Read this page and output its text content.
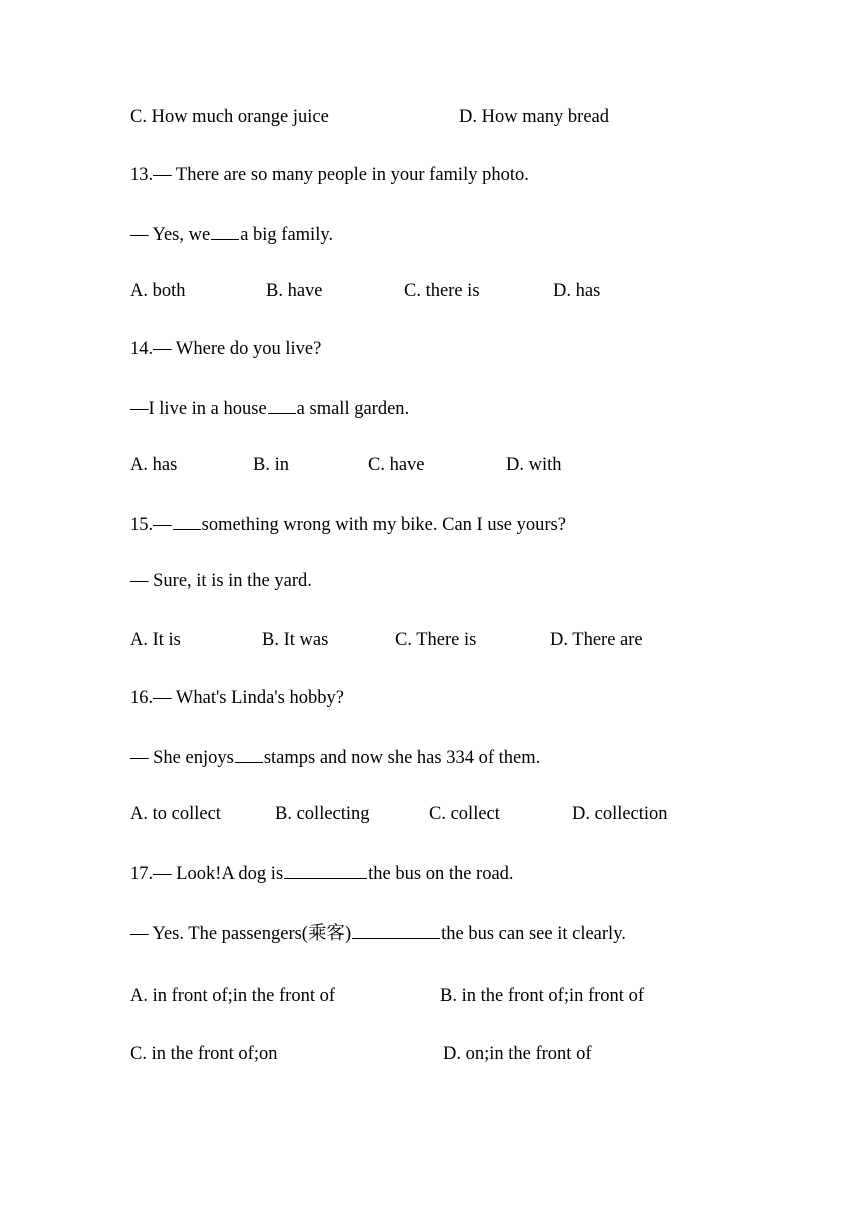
C. How much orange juice	D. How many bread
13.— There are so many people in your family photo.
— Yes, we a big family.
A. both	B. have	C. there is	D. has
14.— Where do you live?
—I live in a house a small garden.
A. has	B. in	C. have	D. with
15.— something wrong with my bike. Can I use yours?
— Sure, it is in the yard.
A. It is	B. It was	C. There is	D. There are
16.— What's Linda's hobby?
— She enjoys stamps and now she has 334 of them.
A. to collect	B. collecting	C. collect	D. collection
17.— Look!A dog is	the bus on the road.
— Yes. The passengers(乘客)	the bus can see it clearly.
A. in front of;in the front of	B. in the front of;in front of
C. in the front of;on	D. on;in the front of
